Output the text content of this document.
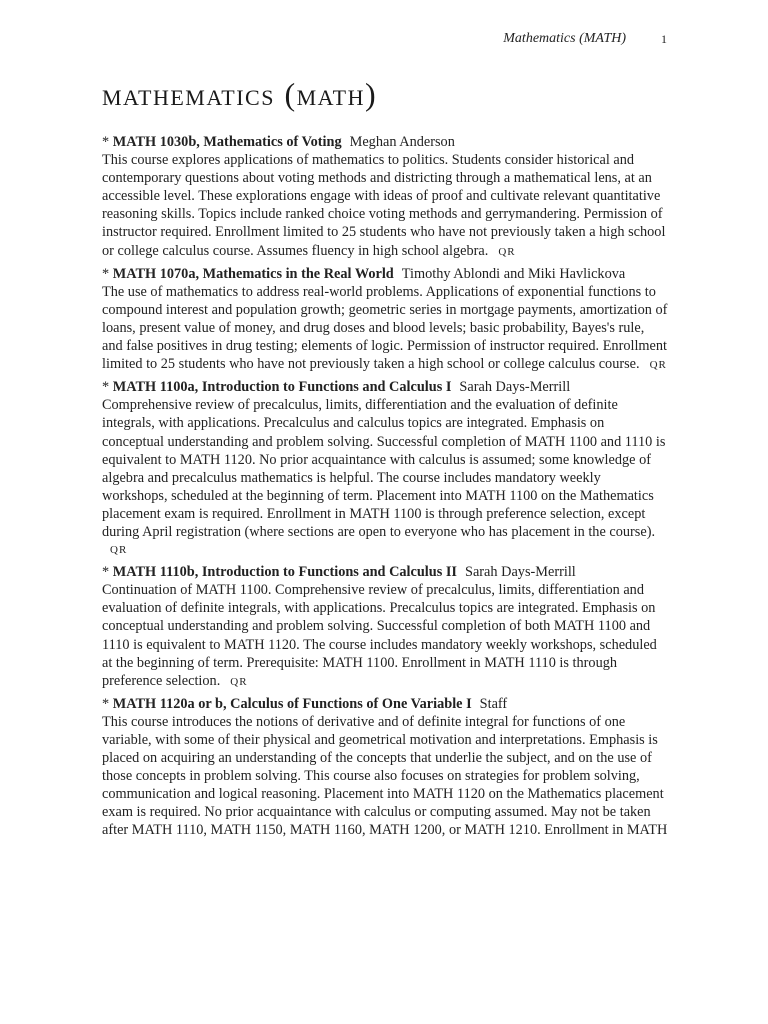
Mathematics (MATH)	1
mathematics (math)
* MATH 1030b, Mathematics of Voting Meghan Anderson
This course explores applications of mathematics to politics. Students consider historical and contemporary questions about voting methods and districting through a mathematical lens, at an accessible level. These explorations engage with ideas of proof and cultivate relevant quantitative reasoning skills. Topics include ranked choice voting methods and gerrymandering. Permission of instructor required. Enrollment limited to 25 students who have not previously taken a high school or college calculus course. Assumes fluency in high school algebra. QR
* MATH 1070a, Mathematics in the Real World Timothy Ablondi and Miki Havlickova
The use of mathematics to address real-world problems. Applications of exponential functions to compound interest and population growth; geometric series in mortgage payments, amortization of loans, present value of money, and drug doses and blood levels; basic probability, Bayes's rule, and false positives in drug testing; elements of logic. Permission of instructor required. Enrollment limited to 25 students who have not previously taken a high school or college calculus course. QR
* MATH 1100a, Introduction to Functions and Calculus I Sarah Days-Merrill
Comprehensive review of precalculus, limits, differentiation and the evaluation of definite integrals, with applications. Precalculus and calculus topics are integrated. Emphasis on conceptual understanding and problem solving. Successful completion of MATH 1100 and 1110 is equivalent to MATH 1120. No prior acquaintance with calculus is assumed; some knowledge of algebra and precalculus mathematics is helpful. The course includes mandatory weekly workshops, scheduled at the beginning of term. Placement into MATH 1100 on the Mathematics placement exam is required. Enrollment in MATH 1100 is through preference selection, except during April registration (where sections are open to everyone who has placement in the course).
QR
* MATH 1110b, Introduction to Functions and Calculus II Sarah Days-Merrill
Continuation of MATH 1100. Comprehensive review of precalculus, limits, differentiation and evaluation of definite integrals, with applications. Precalculus topics are integrated. Emphasis on conceptual understanding and problem solving. Successful completion of both MATH 1100 and 1110 is equivalent to MATH 1120. The course includes mandatory weekly workshops, scheduled at the beginning of term. Prerequisite: MATH 1100. Enrollment in MATH 1110 is through preference selection. QR
* MATH 1120a or b, Calculus of Functions of One Variable I Staff
This course introduces the notions of derivative and of definite integral for functions of one variable, with some of their physical and geometrical motivation and interpretations. Emphasis is placed on acquiring an understanding of the concepts that underlie the subject, and on the use of those concepts in problem solving. This course also focuses on strategies for problem solving, communication and logical reasoning. Placement into MATH 1120 on the Mathematics placement exam is required. No prior acquaintance with calculus or computing assumed. May not be taken after MATH 1110, MATH 1150, MATH 1160, MATH 1200, or MATH 1210. Enrollment in MATH
